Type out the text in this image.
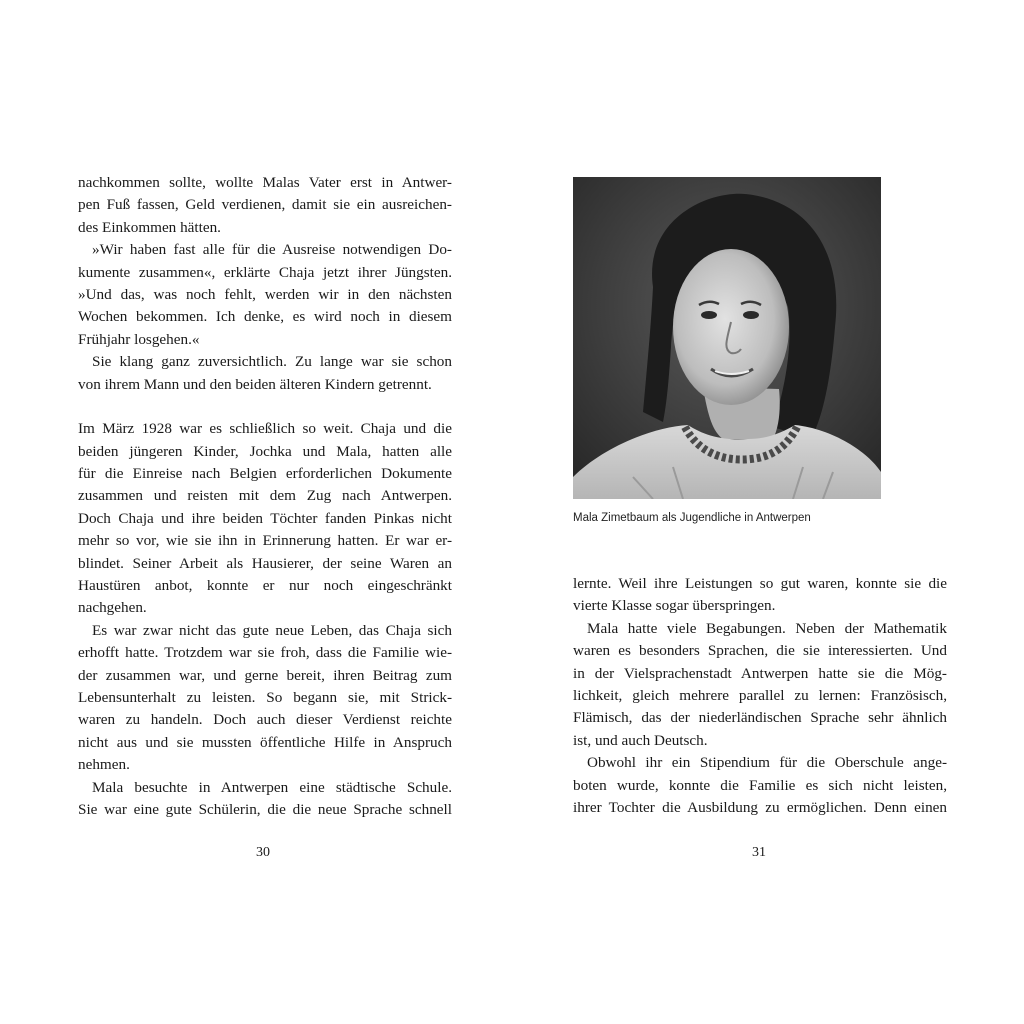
nachkommen sollte, wollte Malas Vater erst in Antwer-
pen Fuß fassen, Geld verdienen, damit sie ein ausreichen-
des Einkommen hätten.
»Wir haben fast alle für die Ausreise notwendigen Do-
kumente zusammen«, erklärte Chaja jetzt ihrer Jüngsten.
»Und das, was noch fehlt, werden wir in den nächsten
Wochen bekommen. Ich denke, es wird noch in diesem
Frühjahr losgehen.«
Sie klang ganz zuversichtlich. Zu lange war sie schon
von ihrem Mann und den beiden älteren Kindern getrennt.
Im März 1928 war es schließlich so weit. Chaja und die
beiden jüngeren Kinder, Jochka und Mala, hatten alle
für die Einreise nach Belgien erforderlichen Dokumente
zusammen und reisten mit dem Zug nach Antwerpen.
Doch Chaja und ihre beiden Töchter fanden Pinkas nicht
mehr so vor, wie sie ihn in Erinnerung hatten. Er war er-
blindet. Seiner Arbeit als Hausierer, der seine Waren an
Haustüren anbot, konnte er nur noch eingeschränkt
nachgehen.
Es war zwar nicht das gute neue Leben, das Chaja sich
erhofft hatte. Trotzdem war sie froh, dass die Familie wie-
der zusammen war, und gerne bereit, ihren Beitrag zum
Lebensunterhalt zu leisten. So begann sie, mit Strick-
waren zu handeln. Doch auch dieser Verdienst reichte
nicht aus und sie mussten öffentliche Hilfe in Anspruch
nehmen.
Mala besuchte in Antwerpen eine städtische Schule.
Sie war eine gute Schülerin, die die neue Sprache schnell
30
Mala Zimetbaum als Jugendliche in Antwerpen
lernte. Weil ihre Leistungen so gut waren, konnte sie die
vierte Klasse sogar überspringen.
Mala hatte viele Begabungen. Neben der Mathematik
waren es besonders Sprachen, die sie interessierten. Und
in der Vielsprachenstadt Antwerpen hatte sie die Mög-
lichkeit, gleich mehrere parallel zu lernen: Französisch,
Flämisch, das der niederländischen Sprache sehr ähnlich
ist, und auch Deutsch.
Obwohl ihr ein Stipendium für die Oberschule ange-
boten wurde, konnte die Familie es sich nicht leisten,
ihrer Tochter die Ausbildung zu ermöglichen. Denn einen
31
